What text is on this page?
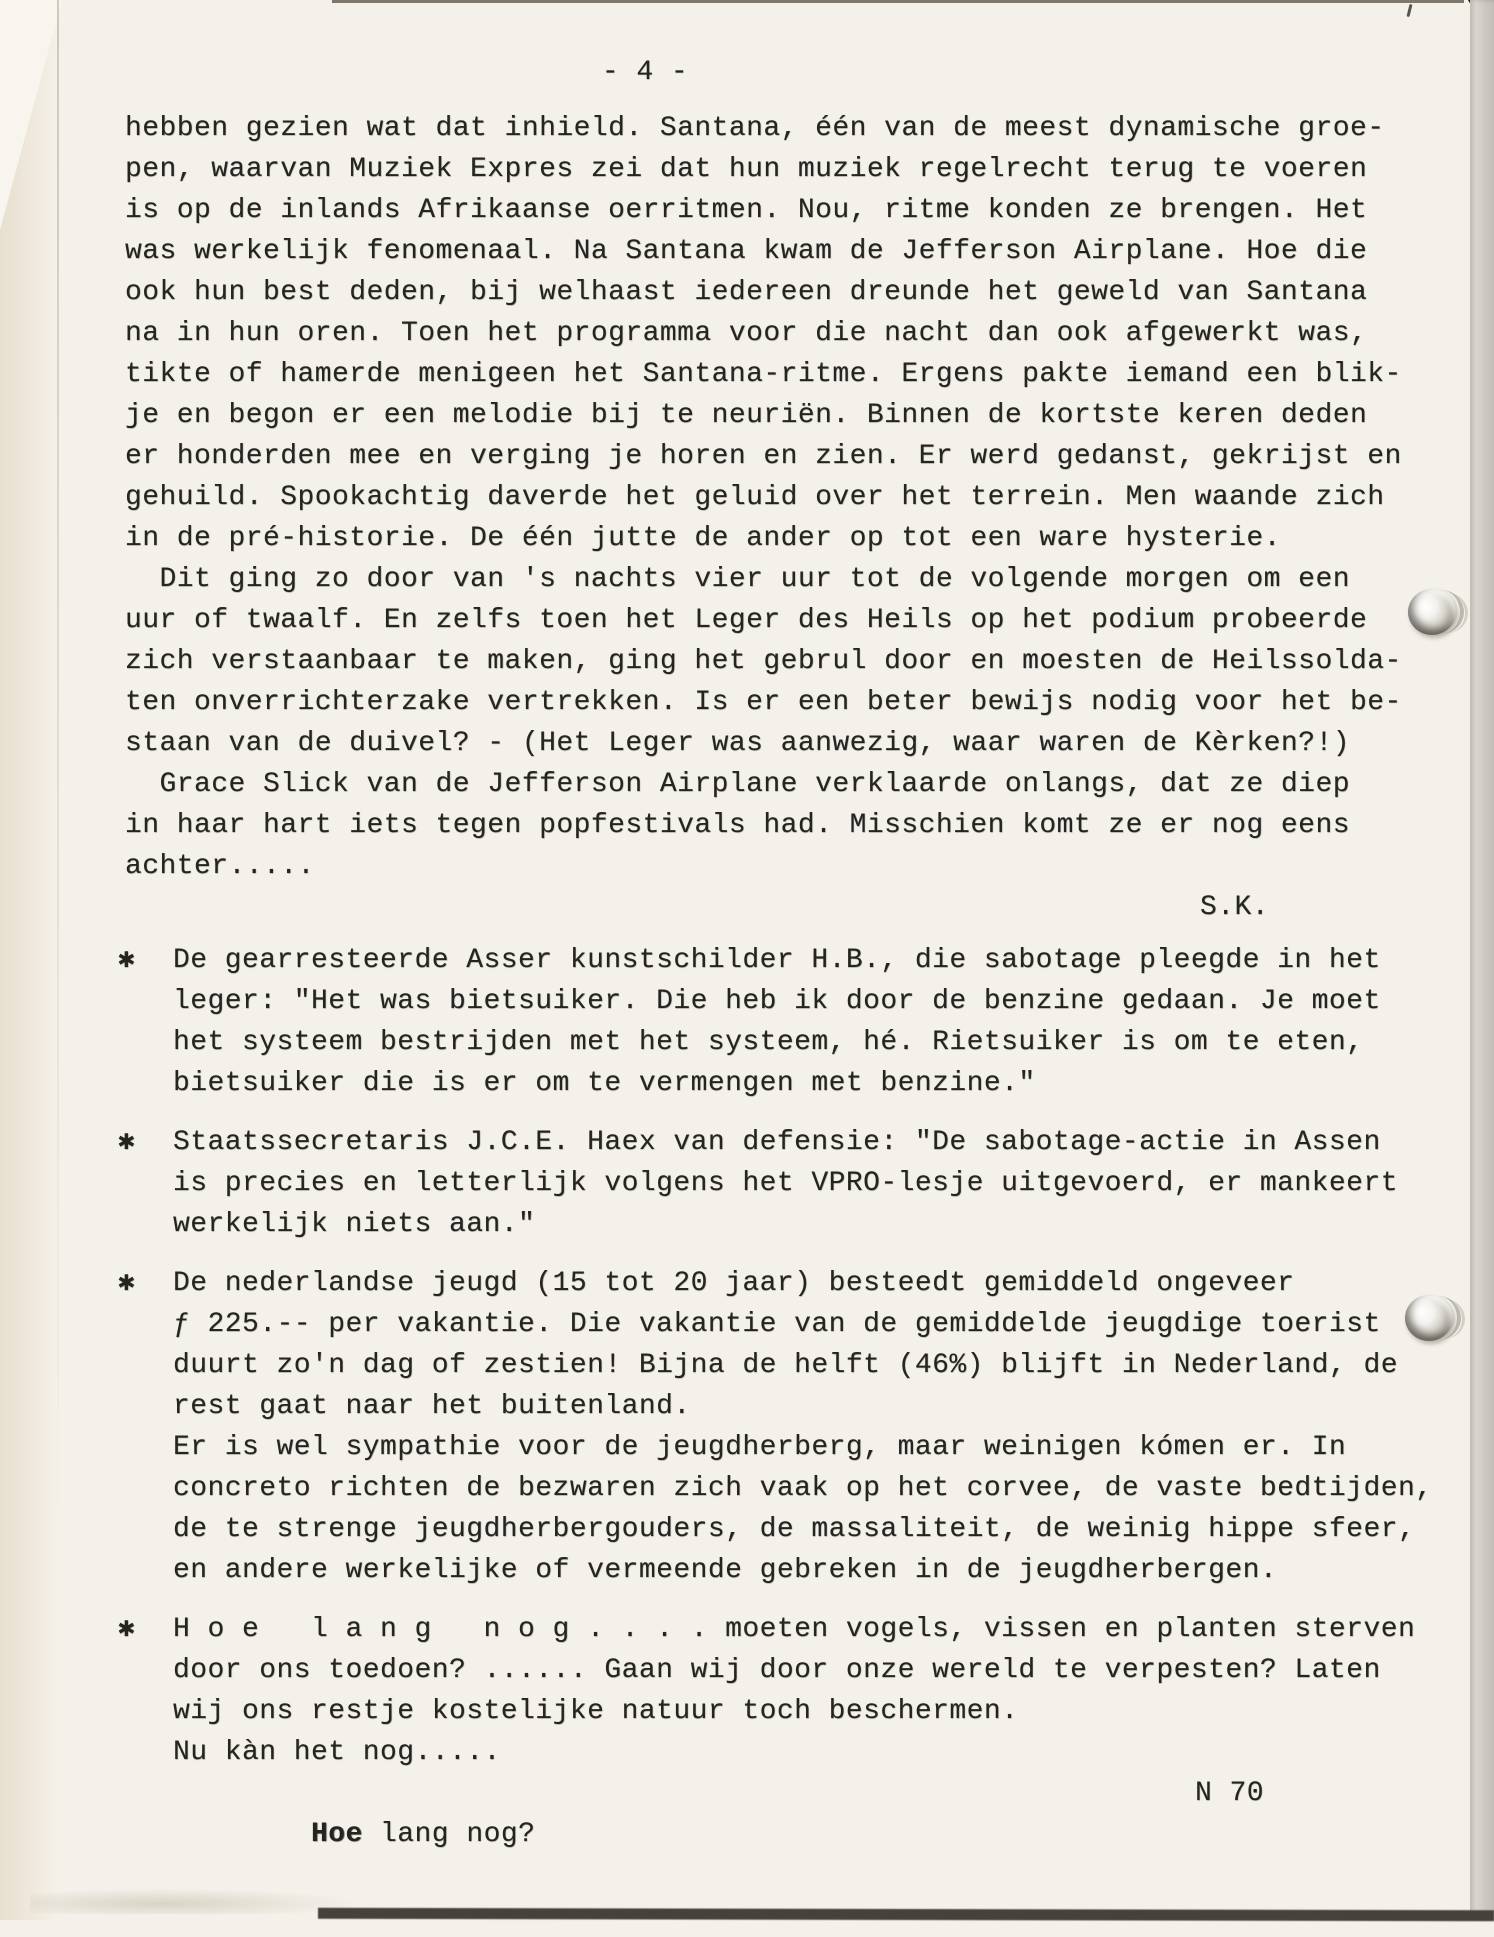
- 4 -
hebben gezien wat dat inhield. Santana, één van de meest dynamische groe-
pen, waarvan Muziek Expres zei dat hun muziek regelrecht terug te voeren
is op de inlands Afrikaanse oerritmen. Nou, ritme konden ze brengen. Het
was werkelijk fenomenaal. Na Santana kwam de Jefferson Airplane. Hoe die
ook hun best deden, bij welhaast iedereen dreunde het geweld van Santana
na in hun oren. Toen het programma voor die nacht dan ook afgewerkt was,
tikte of hamerde menigeen het Santana-ritme. Ergens pakte iemand een blik-
je en begon er een melodie bij te neuriën. Binnen de kortste keren deden
er honderden mee en verging je horen en zien. Er werd gedanst, gekrijst en
gehuild. Spookachtig daverde het geluid over het terrein. Men waande zich
in de pré-historie. De één jutte de ander op tot een ware hysterie.
Dit ging zo door van 's nachts vier uur tot de volgende morgen om een
uur of twaalf. En zelfs toen het Leger des Heils op het podium probeerde
zich verstaanbaar te maken, ging het gebrul door en moesten de Heilssolda-
ten onverrichterzake vertrekken. Is er een beter bewijs nodig voor het be-
staan van de duivel? - (Het Leger was aanwezig, waar waren de Kèrken?!)
Grace Slick van de Jefferson Airplane verklaarde onlangs, dat ze diep
in haar hart iets tegen popfestivals had. Misschien komt ze er nog eens
achter.....
S.K.
✱	De gearresteerde Asser kunstschilder H.B., die sabotage pleegde in het
leger: "Het was bietsuiker. Die heb ik door de benzine gedaan. Je moet
het systeem bestrijden met het systeem, hé. Rietsuiker is om te eten,
bietsuiker die is er om te vermengen met benzine."
✱	Staatssecretaris J.C.E. Haex van defensie: "De sabotage-actie in Assen
is precies en letterlijk volgens het VPRO-lesje uitgevoerd, er mankeert
werkelijk niets aan."
✱	De nederlandse jeugd (15 tot 20 jaar) besteedt gemiddeld ongeveer
ƒ 225.-- per vakantie. Die vakantie van de gemiddelde jeugdige toerist
duurt zo'n dag of zestien! Bijna de helft (46%) blijft in Nederland, de
rest gaat naar het buitenland.
Er is wel sympathie voor de jeugdherberg, maar weinigen kómen er. In
concreto richten de bezwaren zich vaak op het corvee, de vaste bedtijden,
de te strenge jeugdherbergouders, de massaliteit, de weinig hippe sfeer,
en andere werkelijke of vermeende gebreken in de jeugdherbergen.
✱	H o e   l a n g   n o g . . . . moeten vogels, vissen en planten sterven
door ons toedoen? ...... Gaan wij door onze wereld te verpesten? Laten
wij ons restje kostelijke natuur toch beschermen.
Nu kàn het nog.....

Hoe lang nog?

N 70
